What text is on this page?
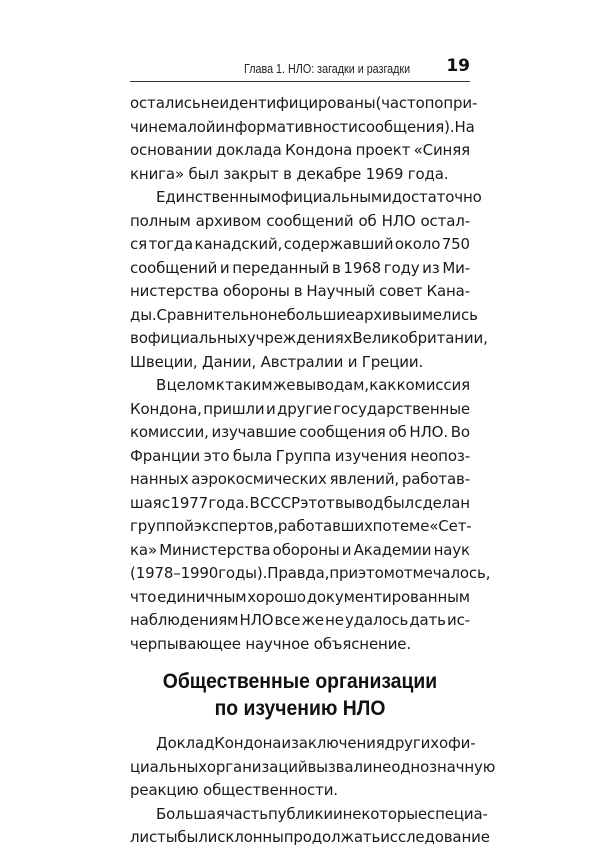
Глава 1. НЛО: загадки и разгадки 19
остались неидентифицированы (часто по при-
чине малой информативности сообщения). На
основании доклада Кондона проект «Синяя
книга» был закрыт в декабре 1969 года.
Единственным официальным и достаточно
полным архивом сообщений об НЛО остал-
ся тогда канадский, содержавший около 750
сообщений и переданный в 1968 году из Ми-
нистерства обороны в Научный совет Кана-
ды. Сравнительно небольшие архивы имелись
в официальных учреждениях Великобритании,
Швеции, Дании, Австралии и Греции.
В целом к таким же выводам, как комиссия
Кондона, пришли и другие государственные
комиссии, изучавшие сообщения об НЛО. Во
Франции это была Группа изучения неопоз-
нанных аэрокосмических явлений, работав-
шая с 1977 года. В СССР этот вывод был сделан
группой экспертов, работавших по теме «Сет-
ка» Министерства обороны и Академии наук
(1978–1990 годы). Правда, при этом отмечалось,
что единичным хорошо документированным
наблюдениям НЛО все же не удалось дать ис-
черпывающее научное объяснение.
Общественные организации
по изучению НЛО
Доклад Кондона и заключения других офи-
циальных организаций вызвали неоднозначную
реакцию общественности.
Большая часть публики и некоторые специа-
листы были склонны продолжать исследование
